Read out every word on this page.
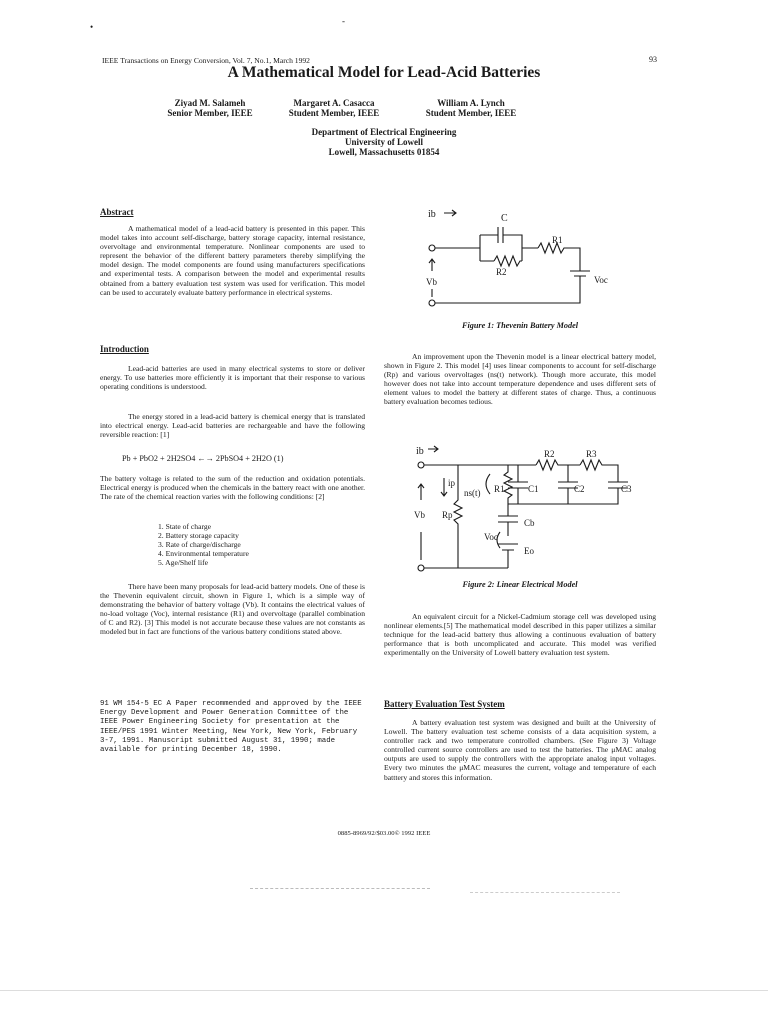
•
-
IEEE Transactions on Energy Conversion, Vol. 7, No.1, March 1992	93
A Mathematical Model for Lead-Acid Batteries
Ziyad M. Salameh
Senior Member, IEEE
Margaret A. Casacca
Student Member, IEEE
William A. Lynch
Student Member, IEEE
Department of Electrical Engineering
University of Lowell
Lowell, Massachusetts 01854
Abstract

A mathematical model of a lead-acid battery is presented in this paper. This model takes into account self-discharge, battery storage capacity, internal resistance, overvoltage and environmental temperature. Nonlinear components are used to represent the behavior of the different battery parameters thereby simplifying the model design. The model components are found using manufacturers specifications and experimental tests. A comparison between the model and experimental results obtained from a battery evaluation test system was used for verification. This model can be used to accurately evaluate battery performance in electrical systems.

Introduction

Lead-acid batteries are used in many electrical systems to store or deliver energy. To use batteries more efficiently it is important that their response to various operating conditions is understood.

The energy stored in a lead-acid battery is chemical energy that is translated into electrical energy. Lead-acid batteries are rechargeable and have the following reversible reaction: [1]

Pb + PbO2 + 2H2SO4 ←→ 2PbSO4 + 2H2O (1)

The battery voltage is related to the sum of the reduction and oxidation potentials. Electrical energy is produced when the chemicals in the battery react with one another. The rate of the chemical reaction varies with the following conditions: [2]

1. State of charge
2. Battery storage capacity
3. Rate of charge/discharge
4. Environmental temperature
5. Age/Shelf life

There have been many proposals for lead-acid battery models. One of these is the Thevenin equivalent circuit, shown in Figure 1, which is a simple way of demonstrating the behavior of battery voltage (Vb). It contains the electrical values of no-load voltage (Voc), internal resistance (R1) and overvoltage (parallel combination of C and R2). [3] This model is not accurate because these values are not constants as modeled but in fact are functions of the various battery conditions stated above.

91 WM 154-5 EC A Paper recommended and approved by the IEEE Energy Development and Power Generation Committee of the IEEE Power Engineering Society for presentation at the IEEE/PES 1991 Winter Meeting, New York, New York, February 3-7, 1991. Manuscript submitted August 31, 1990; made available for printing December 18, 1990.

ib	C
R1
R2
Vb	Voc
Figure 1: Thevenin Battery Model

An improvement upon the Thevenin model is a linear electrical battery model, shown in Figure 2. This model [4] uses linear components to account for self-discharge (Rp) and various overvoltages (ns(t) network). Though more accurate, this model however does not take into account temperature dependence and uses different sets of element values to model the battery at different states of charge. Thus, a continuous battery evaluation becomes tedious.

ib	R2	R3
C3
C2
C1
R1
ns(t)
Rp
ip
Cb
Voc
Eo
Vb
Figure 2: Linear Electrical Model

An equivalent circuit for a Nickel-Cadmium storage cell was developed using nonlinear elements.[5] The mathematical model described in this paper utilizes a similar technique for the lead-acid battery thus allowing a continuous evaluation of battery performance that is both uncomplicated and accurate. This model was verified experimentally on the University of Lowell battery evaluation test system.

Battery Evaluation Test System

A battery evaluation test system was designed and built at the University of Lowell. The battery evaluation test scheme consists of a data acquisition system, a controller rack and two temperature controlled chambers. (See Figure 3) Voltage controlled current source controllers are used to test the batteries. The μMAC analog outputs are used to supply the controllers with the appropriate analog input voltages. Every two minutes the μMAC measures the current, voltage and temperature of each batttery and stores this information.

0885-8969/92/$03.00© 1992 IEEE
